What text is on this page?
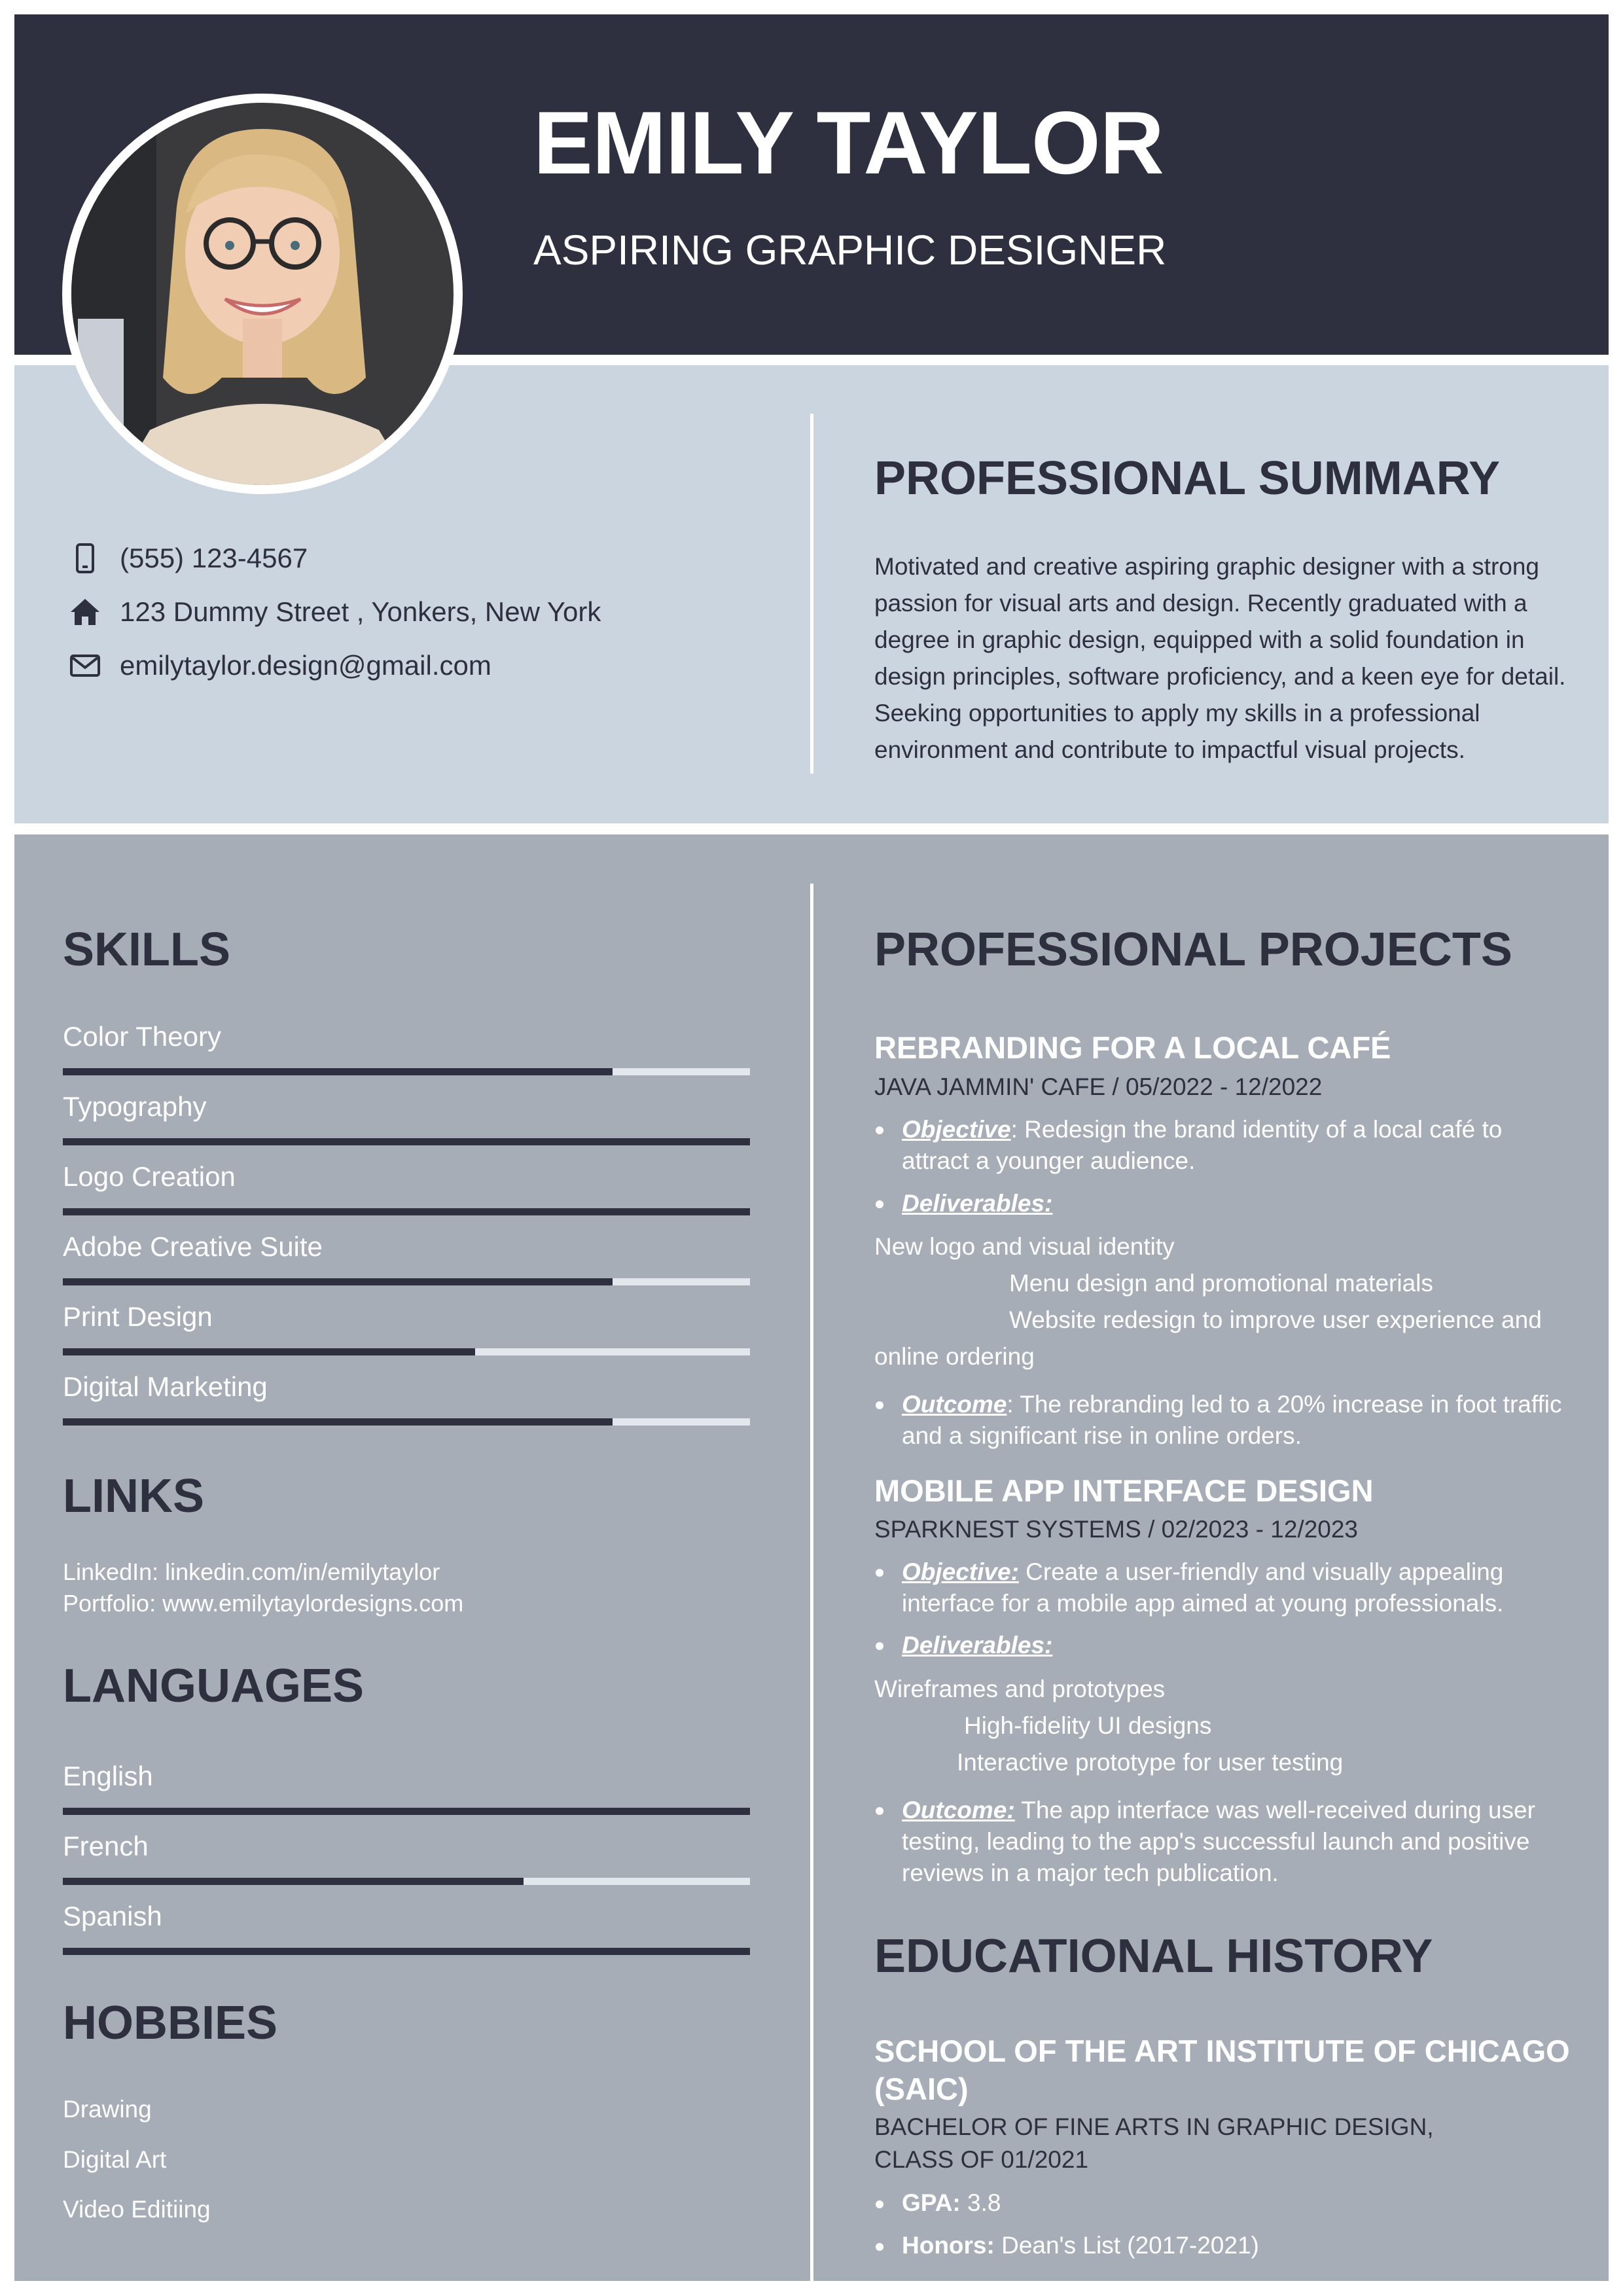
EMILY TAYLOR
ASPIRING GRAPHIC DESIGNER
(555) 123-4567
123 Dummy Street , Yonkers, New York
emilytaylor.design@gmail.com
PROFESSIONAL SUMMARY

Motivated and creative aspiring graphic designer with a strong passion for visual arts and design. Recently graduated with a degree in graphic design, equipped with a solid foundation in design principles, software proficiency, and a keen eye for detail. Seeking opportunities to apply my skills in a professional environment and contribute to impactful visual projects.

SKILLS
Color Theory
Typography
Logo Creation
Adobe Creative Suite
Print Design
Digital Marketing
LINKS
LinkedIn: linkedin.com/in/emilytaylor
Portfolio: www.emilytaylordesigns.com
LANGUAGES
English
French
Spanish
HOBBIES
Drawing
Digital Art
Video Editiing
PROFESSIONAL PROJECTS
REBRANDING FOR A LOCAL CAFÉ
JAVA JAMMIN' CAFE / 05/2022 - 12/2022
Objective: Redesign the brand identity of a local café to attract a younger audience.
Deliverables:
New logo and visual identity
Menu design and promotional materials
Website redesign to improve user experience and
online ordering
Outcome: The rebranding led to a 20% increase in foot traffic and a significant rise in online orders.
MOBILE APP INTERFACE DESIGN
SPARKNEST SYSTEMS / 02/2023 - 12/2023
Objective: Create a user-friendly and visually appealing interface for a mobile app aimed at young professionals.
Deliverables:
Wireframes and prototypes
High-fidelity UI designs
Interactive prototype for user testing
Outcome: The app interface was well-received during user testing, leading to the app's successful launch and positive reviews in a major tech publication.
EDUCATIONAL HISTORY
SCHOOL OF THE ART INSTITUTE OF CHICAGO (SAIC)
BACHELOR OF FINE ARTS IN GRAPHIC DESIGN,
CLASS OF 01/2021
GPA: 3.8
Honors: Dean's List (2017-2021)
